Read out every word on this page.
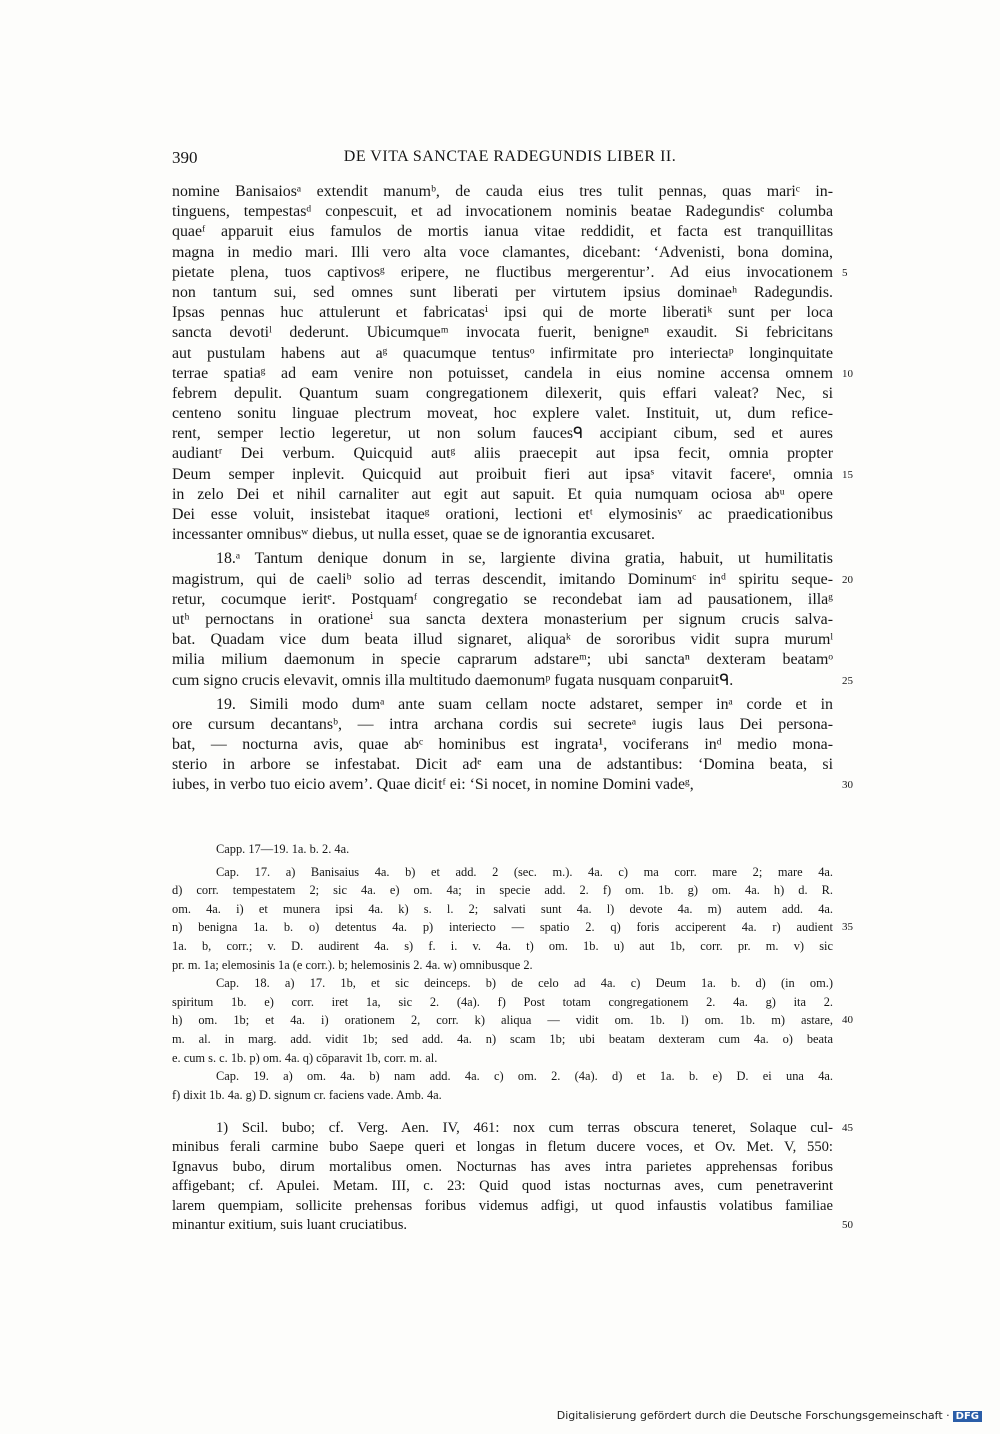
390	DE VITA SANCTAE RADEGUNDIS LIBER II.
nomine Banisaiosᵃ extendit manumᵇ, de cauda eius tres tulit pennas, quas mariᶜ in-
tinguens, tempestasᵈ conpescuit, et ad invocationem nominis beatae Radegundisᵉ columba
quaeᶠ apparuit eius famulos de mortis ianua vitae reddidit, et facta est tranquillitas
magna in medio mari. Illi vero alta voce clamantes, dicebant: ‘Advenisti, bona domina,
pietate plena, tuos captivosᵍ eripere, ne fluctibus mergerentur’. Ad eius invocationem 5
non tantum sui, sed omnes sunt liberati per virtutem ipsius dominaeʰ Radegundis.
Ipsas pennas huc attulerunt et fabricatasⁱ ipsi qui de morte liberatiᵏ sunt per loca
sancta devotiˡ dederunt. Ubicumqueᵐ invocata fuerit, benigneⁿ exaudit. Si febricitans
aut pustulam habens aut aᵍ quacumque tentusᵒ infirmitate pro interiectaᵖ longinquitate
terrae spatiaᵍ ad eam venire non potuisset, candela in eius nomine accensa omnem 10
febrem depulit. Quantum suam congregationem dilexerit, quis effari valeat? Nec, si
centeno sonitu linguae plectrum moveat, hoc explere valet. Instituit, ut, dum refice-
rent, semper lectio legeretur, ut non solum faucesᑫ accipiant cibum, sed et aures
audiantʳ Dei verbum. Quicquid autᵍ aliis praecepit aut ipsa fecit, omnia propter
Deum semper inplevit. Quicquid aut proibuit fieri aut ipsaˢ vitavit facereᵗ, omnia 15
in zelo Dei et nihil carnaliter aut egit aut sapuit. Et quia numquam ociosa abᵘ opere
Dei esse voluit, insistebat itaqueᵍ orationi, lectioni etᵗ elymosinisᵛ ac praedicationibus
incessanter omnibusʷ diebus, ut nulla esset, quae se de ignorantia excusaret.
18.ᵃ Tantum denique donum in se, largiente divina gratia, habuit, ut humilitatis
magistrum, qui de caeliᵇ solio ad terras descendit, imitando Dominumᶜ inᵈ spiritu seque- 20
retur, cocumque ieritᵉ. Postquamᶠ congregatio se recondebat iam ad pausationem, illaᵍ
utʰ pernoctans in orationeⁱ sua sancta dextera monasterium per signum crucis salva-
bat. Quadam vice dum beata illud signaret, aliquaᵏ de sororibus vidit supra murumˡ
milia milium daemonum in specie caprarum adstareᵐ; ubi sanctaⁿ dexteram beatamᵒ
cum signo crucis elevavit, omnis illa multitudo daemonumᵖ fugata nusquam conparuitᑫ.	25
19. Simili modo dumᵃ ante suam cellam nocte adstaret, semper inᵃ corde et in
ore cursum decantansᵇ, — intra archana cordis sui secreteᵃ iugis laus Dei persona-
bat, — nocturna avis, quae abᶜ hominibus est ingrata¹, vociferans inᵈ medio mona-
sterio in arbore se infestabat. Dicit adᵉ eam una de adstantibus: ‘Domina beata, si
iubes, in verbo tuo eicio avem’. Quae dicitᶠ ei: ‘Si nocet, in nomine Domini vadeᵍ,	30
Capp. 17—19. 1a. b. 2. 4a.
Cap. 17. a) Banisaius 4a. b) et add. 2 (sec. m.). 4a. c) ma corr. mare 2; mare 4a.
d) corr. tempestatem 2; sic 4a. e) om. 4a; in specie add. 2. f) om. 1b. g) om. 4a. h) d. R.
om. 4a. i) et munera ipsi 4a. k) s. l. 2; salvati sunt 4a. l) devote 4a. m) autem add. 4a.
n) benigna 1a. b. o) detentus 4a. p) interiecto — spatio 2. q) foris acciperent 4a. r) audient 35
1a. b, corr.; v. D. audirent 4a. s) f. i. v. 4a. t) om. 1b. u) aut 1b, corr. pr. m. v) sic
pr. m. 1a; elemosinis 1a (e corr.). b; helemosinis 2. 4a. w) omnibusque 2.
Cap. 18. a) 17. 1b, et sic deinceps. b) de celo ad 4a. c) Deum 1a. b. d) (in om.)
spiritum 1b. e) corr. iret 1a, sic 2. (4a). f) Post totam congregationem 2. 4a. g) ita 2.
h) om. 1b; et 4a. i) orationem 2, corr. k) aliqua — vidit om. 1b. l) om. 1b. m) astare, 40
m. al. in marg. add. vidit 1b; sed add. 4a. n) scam 1b; ubi beatam dexteram cum 4a. o) beata
e. cum s. c. 1b. p) om. 4a. q) cōparavit 1b, corr. m. al.
Cap. 19. a) om. 4a. b) nam add. 4a. c) om. 2. (4a). d) et 1a. b. e) D. ei una 4a.
f) dixit 1b. 4a. g) D. signum cr. faciens vade. Amb. 4a.
1) Scil. bubo; cf. Verg. Aen. IV, 461: nox cum terras obscura teneret, Solaque cul- 45
minibus ferali carmine bubo Saepe queri et longas in fletum ducere voces, et Ov. Met. V, 550:
Ignavus bubo, dirum mortalibus omen. Nocturnas has aves intra parietes apprehensas foribus
affigebant; cf. Apulei. Metam. III, c. 23: Quid quod istas nocturnas aves, cum penetraverint
larem quempiam, sollicite prehensas foribus videmus adfigi, ut quod infaustis volatibus familiae
minantur exitium, suis luant cruciatibus.	50
Digitalisierung gefördert durch die Deutsche Forschungsgemeinschaft · DFG
